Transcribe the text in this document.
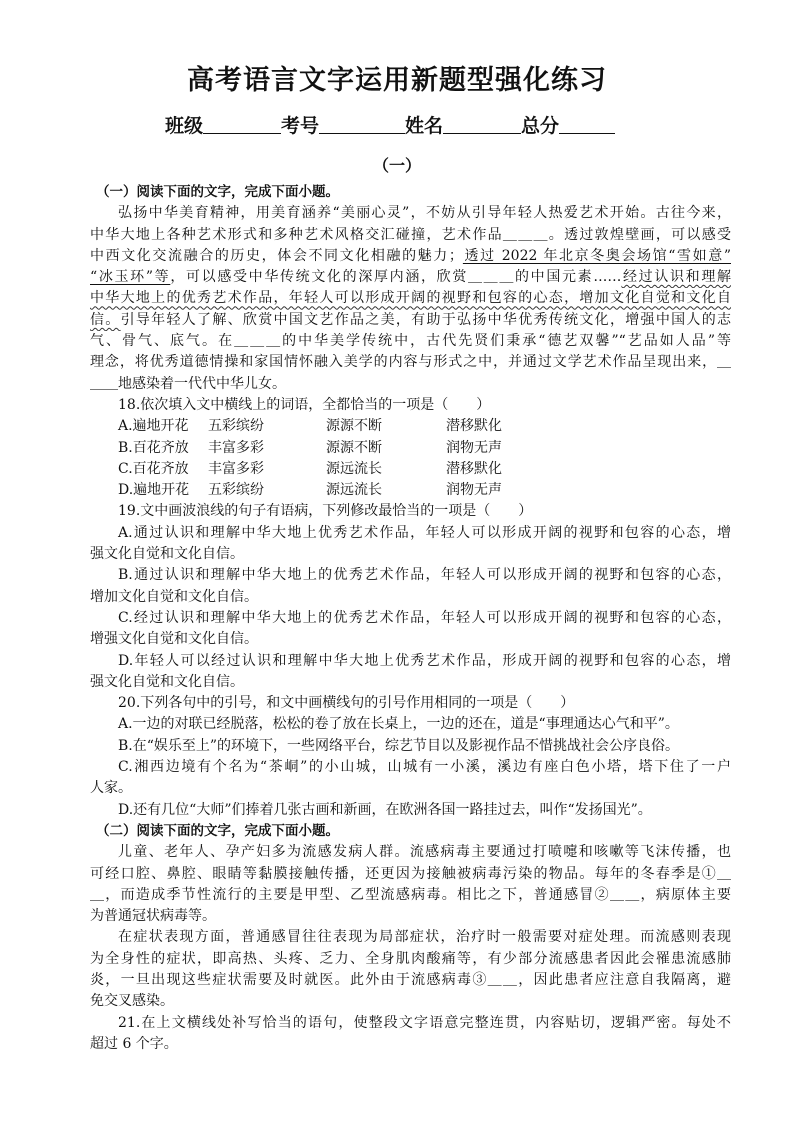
高考语言文字运用新题型强化练习
班级	考号	姓名	总分
（一）
（一）阅读下面的文字，完成下面小题。
弘扬中华美育精神，用美育涵养“美丽心灵”，不妨从引导年轻人热爱艺术开始。古往今来，
中华大地上各种艺术形式和多种艺术风格交汇碰撞，艺术作品＿＿＿。透过敦煌壁画，可以感受
中西文化交流融合的历史，体会不同文化相融的魅力；透过 2022 年北京冬奥会场馆“雪如意”
“冰玉环”等，可以感受中华传统文化的深厚内涵，欣赏＿＿＿的中国元素……经过认识和理解
中华大地上的优秀艺术作品，年轻人可以形成开阔的视野和包容的心态，增加文化自觉和文化自
信。引导年轻人了解、欣赏中国文艺作品之美，有助于弘扬中华优秀传统文化，增强中国人的志
气、骨气、底气。在＿＿＿的中华美学传统中，古代先贤们秉承“德艺双馨”“艺品如人品”等
理念，将优秀道德情操和家国情怀融入美学的内容与形式之中，并通过文学艺术作品呈现出来，＿
＿＿地感染着一代代中华儿女。
18.依次填入文中横线上的词语，全都恰当的一项是（　　）
A.遍地开花 五彩缤纷	源源不断	潜移默化
B.百花齐放 丰富多彩	源源不断	润物无声
C.百花齐放 丰富多彩	源远流长	潜移默化
D.遍地开花 五彩缤纷	源远流长	润物无声
19.文中画波浪线的句子有语病，下列修改最恰当的一项是（　　）
A.通过认识和理解中华大地上优秀艺术作品，年轻人可以形成开阔的视野和包容的心态，增
强文化自觉和文化自信。
B.通过认识和理解中华大地上的优秀艺术作品，年轻人可以形成开阔的视野和包容的心态，
增加文化自觉和文化自信。
C.经过认识和理解中华大地上的优秀艺术作品，年轻人可以形成开阔的视野和包容的心态，
增强文化自觉和文化自信。
D.年轻人可以经过认识和理解中华大地上优秀艺术作品，形成开阔的视野和包容的心态，增
强文化自觉和文化自信。
20.下列各句中的引号，和文中画横线句的引号作用相同的一项是（　　）
A.一边的对联已经脱落，松松的卷了放在长桌上，一边的还在，道是“事理通达心气和平”。
B.在“娱乐至上”的环境下，一些网络平台，综艺节目以及影视作品不惜挑战社会公序良俗。
C.湘西边境有个名为“茶峒”的小山城，山城有一小溪，溪边有座白色小塔，塔下住了一户
人家。
D.还有几位“大师”们捧着几张古画和新画，在欧洲各国一路挂过去，叫作“发扬国光”。
（二）阅读下面的文字，完成下面小题。
儿童、老年人、孕产妇多为流感发病人群。流感病毒主要通过打喷嚏和咳嗽等飞沫传播，也
可经口腔、鼻腔、眼睛等黏膜接触传播，还更因为接触被病毒污染的物品。每年的冬春季是①＿
＿，而造成季节性流行的主要是甲型、乙型流感病毒。相比之下，普通感冒②＿＿，病原体主要
为普通冠状病毒等。
在症状表现方面，普通感冒往往表现为局部症状，治疗时一般需要对症处理。而流感则表现
为全身性的症状，即高热、头疼、乏力、全身肌肉酸痛等，有少部分流感患者因此会罹患流感肺
炎，一旦出现这些症状需要及时就医。此外由于流感病毒③＿＿，因此患者应注意自我隔离，避
免交叉感染。
21.在上文横线处补写恰当的语句，使整段文字语意完整连贯，内容贴切，逻辑严密。每处不
超过 6 个字。
